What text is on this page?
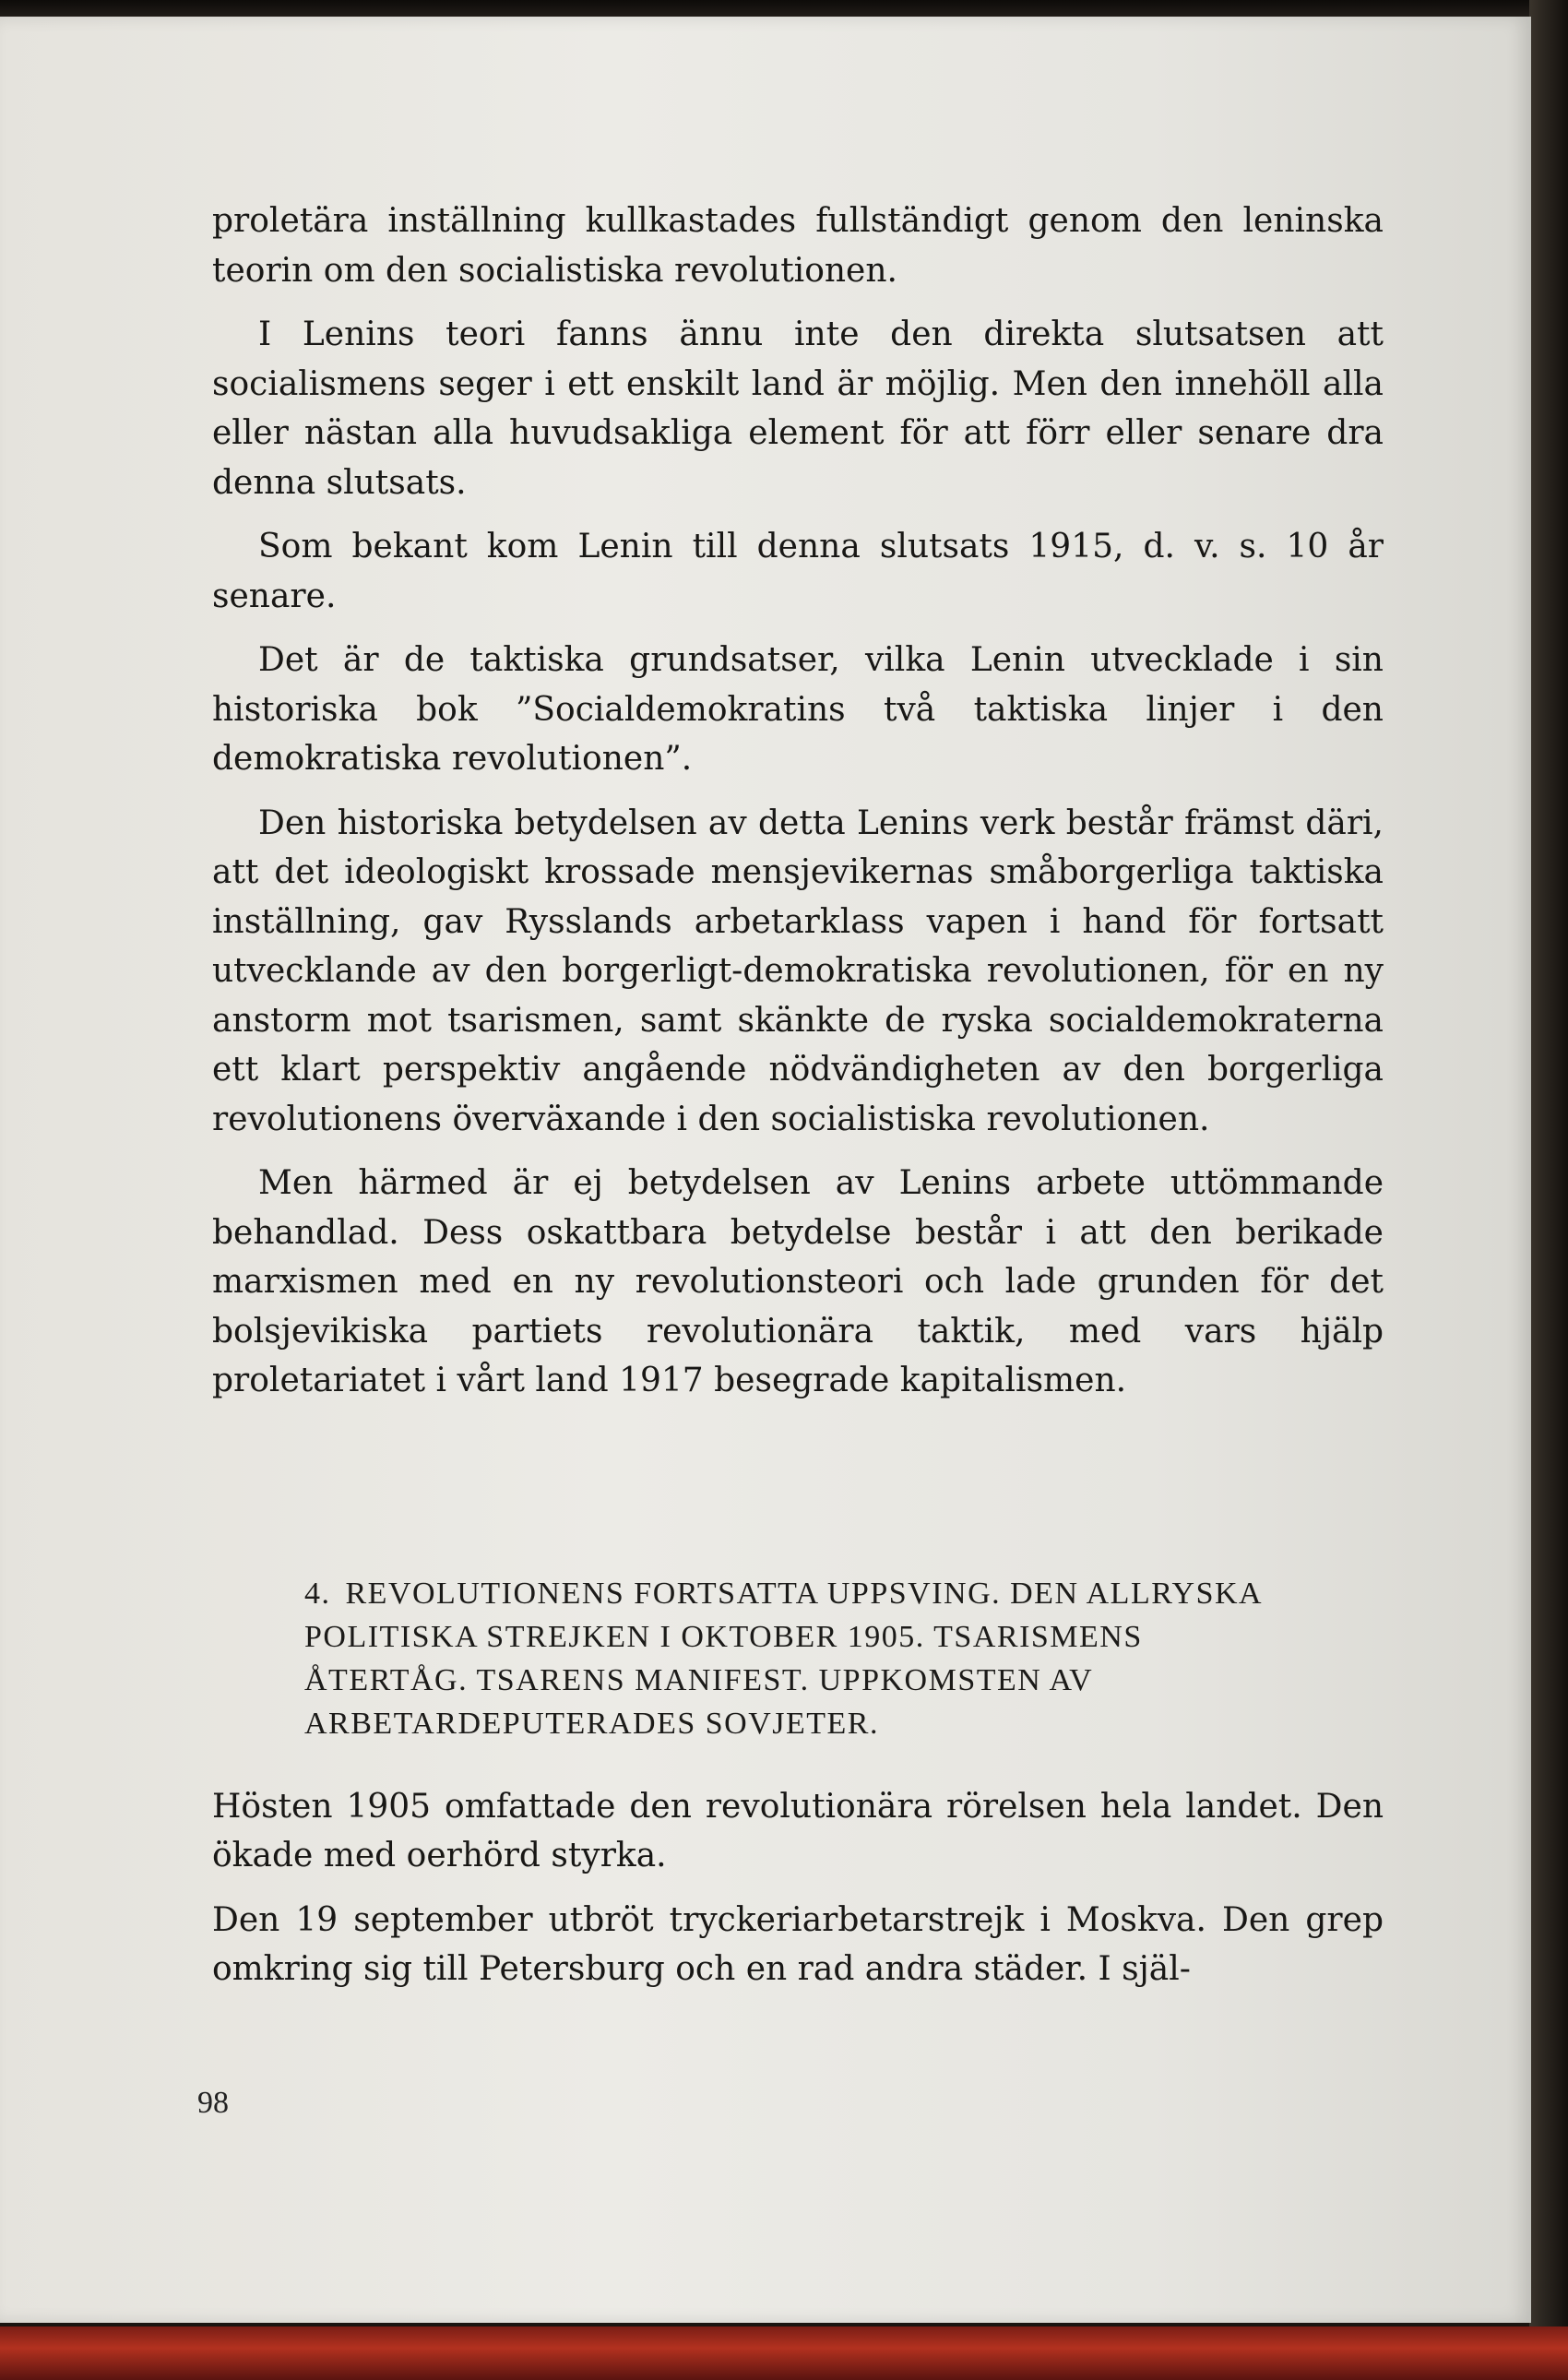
proletära inställning kullkastades fullständigt genom den leninska teorin om den socialistiska revolutionen.

I Lenins teori fanns ännu inte den direkta slutsatsen att socialismens seger i ett enskilt land är möjlig. Men den innehöll alla eller nästan alla huvudsakliga element för att förr eller senare dra denna slutsats.

Som bekant kom Lenin till denna slutsats 1915, d. v. s. 10 år senare.

Det är de taktiska grundsatser, vilka Lenin utvecklade i sin historiska bok ”Socialdemokratins två taktiska linjer i den demokratiska revolutionen”.

Den historiska betydelsen av detta Lenins verk består främst däri, att det ideologiskt krossade mensjevikernas småborgerliga taktiska inställning, gav Rysslands arbetarklass vapen i hand för fortsatt utvecklande av den borgerligt-demokratiska revolutionen, för en ny anstorm mot tsarismen, samt skänkte de ryska socialdemokraterna ett klart perspektiv angående nödvändigheten av den borgerliga revolutionens överväxande i den socialistiska revolutionen.

Men härmed är ej betydelsen av Lenins arbete uttömmande behandlad. Dess oskattbara betydelse består i att den berikade marxismen med en ny revolutionsteori och lade grunden för det bolsjevikiska partiets revolutionära taktik, med vars hjälp proletariatet i vårt land 1917 besegrade kapitalismen.

4. REVOLUTIONENS FORTSATTA UPPSVING. DEN ALLRYSKA POLITISKA STREJKEN I OKTOBER 1905. TSARISMENS ÅTERTÅG. TSARENS MANIFEST. UPPKOMSTEN AV ARBETARDEPUTERADES SOVJETER.

Hösten 1905 omfattade den revolutionära rörelsen hela landet. Den ökade med oerhörd styrka.

Den 19 september utbröt tryckeriarbetarstrejk i Moskva. Den grep omkring sig till Petersburg och en rad andra städer. I själ-

98
